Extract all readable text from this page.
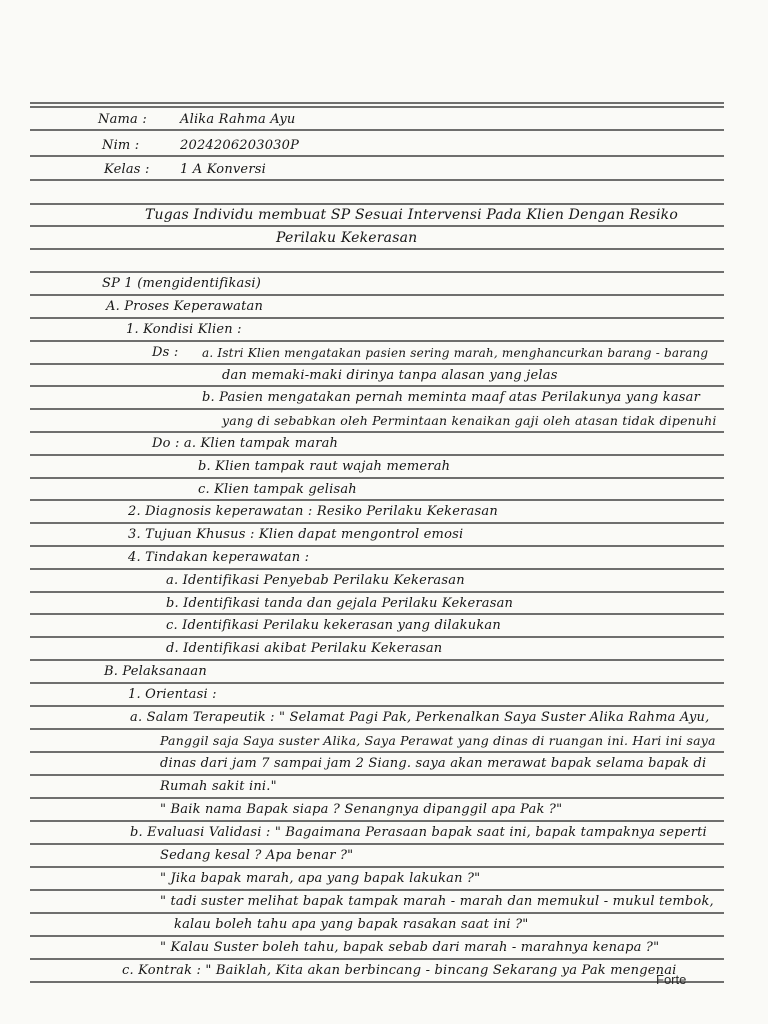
Nama :	Alika Rahma Ayu
Nim :	2024206203030P
Kelas : 1 A Konversi
Tugas Individu membuat SP Sesuai Intervensi Pada Klien Dengan Resiko
Perilaku Kekerasan
SP 1 (mengidentifikasi)
A. Proses Keperawatan
1. Kondisi Klien :
Ds : a. Istri Klien mengatakan pasien sering marah, menghancurkan barang - barang
dan memaki-maki dirinya tanpa alasan yang jelas
b. Pasien mengatakan pernah meminta maaf atas Perilakunya yang kasar
yang di sebabkan oleh Permintaan kenaikan gaji oleh atasan tidak dipenuhi
Do : a. Klien tampak marah
b. Klien tampak raut wajah memerah
c. Klien tampak gelisah
2. Diagnosis keperawatan : Resiko Perilaku Kekerasan
3. Tujuan Khusus : Klien dapat mengontrol emosi
4. Tindakan keperawatan :
a. Identifikasi Penyebab Perilaku Kekerasan
b. Identifikasi tanda dan gejala Perilaku Kekerasan
c. Identifikasi Perilaku kekerasan yang dilakukan
d. Identifikasi akibat Perilaku Kekerasan
B. Pelaksanaan
1. Orientasi :
a. Salam Terapeutik : " Selamat Pagi Pak, Perkenalkan Saya Suster Alika Rahma Ayu,
Panggil saja Saya suster Alika, Saya Perawat yang dinas di ruangan ini. Hari ini saya
dinas dari jam 7 sampai jam 2 Siang. saya akan merawat bapak selama bapak di
Rumah sakit ini."
" Baik nama Bapak siapa ? Senangnya dipanggil apa Pak ?"
b. Evaluasi Validasi : " Bagaimana Perasaan bapak saat ini, bapak tampaknya seperti
Sedang kesal ? Apa benar ?"
" Jika bapak marah, apa yang bapak lakukan ?"
" tadi suster melihat bapak tampak marah - marah dan memukul - mukul tembok,
kalau boleh tahu apa yang bapak rasakan saat ini ?"
" Kalau Suster boleh tahu, bapak sebab dari marah - marahnya kenapa ?"
c. Kontrak : " Baiklah, Kita akan berbincang - bincang Sekarang ya Pak mengenai
Forte
